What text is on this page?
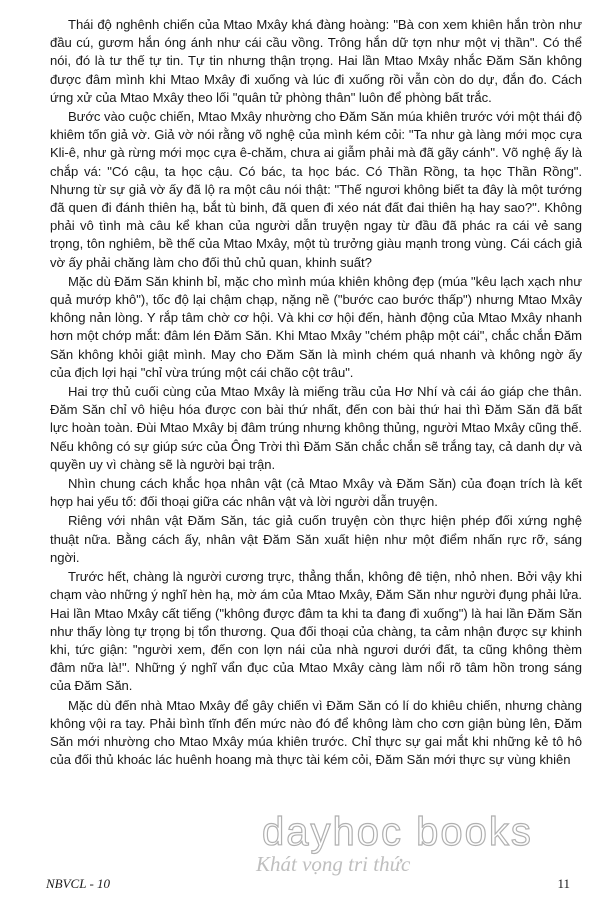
Thái độ nghênh chiến của Mtao Mxây khá đàng hoàng: "Bà con xem khiên hắn tròn như đầu cú, gươm hắn óng ánh như cái cầu vồng. Trông hắn dữ tợn như một vị thần". Có thể nói, đó là tư thế tự tin. Tự tin nhưng thận trọng. Hai lần Mtao Mxây nhắc Đăm Săn không được đâm mình khi Mtao Mxây đi xuống và lúc đi xuống rồi vẫn còn do dự, đắn đo. Cách ứng xử của Mtao Mxây theo lối "quân tử phòng thân" luôn để phòng bất trắc.

Bước vào cuộc chiến, Mtao Mxây nhường cho Đăm Săn múa khiên trước với một thái độ khiêm tốn giả vờ. Giả vờ nói rằng võ nghệ của mình kém cỏi: "Ta như gà làng mới mọc cựa Kli-ê, như gà rừng mới mọc cựa ê-chăm, chưa ai giẫm phải mà đã gãy cánh". Võ nghệ ấy là chắp vá: "Có cậu, ta học cậu. Có bác, ta học bác. Có Thần Rồng, ta học Thần Rồng". Nhưng từ sự giả vờ ấy đã lộ ra một câu nói thật: "Thế ngươi không biết ta đây là một tướng đã quen đi đánh thiên hạ, bắt tù binh, đã quen đi xéo nát đất đai thiên hạ hay sao?". Không phải vô tình mà câu kể khan của người dẫn truyện ngay từ đầu đã phác ra cái vẻ sang trọng, tôn nghiêm, bề thế của Mtao Mxây, một tù trưởng giàu mạnh trong vùng. Cái cách giả vờ ấy phải chăng làm cho đối thủ chủ quan, khinh suất?

Mặc dù Đăm Săn khinh bỉ, mặc cho mình múa khiên không đẹp (múa "kêu lạch xạch như quả mướp khô"), tốc độ lại chậm chạp, nặng nề ("bước cao bước thấp") nhưng Mtao Mxây không nản lòng. Y rắp tâm chờ cơ hội. Và khi cơ hội đến, hành động của Mtao Mxây nhanh hơn một chớp mắt: đâm lén Đăm Săn. Khi Mtao Mxây "chém phập một cái", chắc chắn Đăm Săn không khỏi giật mình. May cho Đăm Săn là mình chém quá nhanh và không ngờ ấy của địch lợi hại "chỉ vừa trúng một cái chão cột trâu".

Hai trợ thủ cuối cùng của Mtao Mxây là miếng trầu của Hơ Nhí và cái áo giáp che thân. Đăm Săn chỉ vô hiệu hóa được con bài thứ nhất, đến con bài thứ hai thì Đăm Săn đã bất lực hoàn toàn. Đùi Mtao Mxây bị đâm trúng nhưng không thủng, người Mtao Mxây cũng thế. Nếu không có sự giúp sức của Ông Trời thì Đăm Săn chắc chắn sẽ trắng tay, cả danh dự và quyền uy vì chàng sẽ là người bại trận.

Nhìn chung cách khắc họa nhân vật (cả Mtao Mxây và Đăm Săn) của đoạn trích là kết hợp hai yếu tố: đối thoại giữa các nhân vật và lời người dẫn truyện.

Riêng với nhân vật Đăm Săn, tác giả cuốn truyện còn thực hiện phép đối xứng nghệ thuật nữa. Bằng cách ấy, nhân vật Đăm Săn xuất hiện như một điểm nhấn rực rỡ, sáng ngời.

Trước hết, chàng là người cương trực, thẳng thắn, không đê tiện, nhỏ nhen. Bởi vậy khi chạm vào những ý nghĩ hèn hạ, mờ ám của Mtao Mxây, Đăm Săn như người đụng phải lửa. Hai lần Mtao Mxây cất tiếng ("không được đâm ta khi ta đang đi xuống") là hai lần Đăm Săn như thấy lòng tự trọng bị tổn thương. Qua đối thoại của chàng, ta cảm nhận được sự khinh khi, tức giận: "người xem, đến con lợn nái của nhà ngươi dưới đất, ta cũng không thèm đâm nữa là!". Những ý nghĩ vẩn đục của Mtao Mxây càng làm nổi rõ tâm hồn trong sáng của Đăm Săn.

Mặc dù đến nhà Mtao Mxây để gây chiến vì Đăm Săn có lí do khiêu chiến, nhưng chàng không vội ra tay. Phải bình tĩnh đến mức nào đó để không làm cho cơn giận bùng lên, Đăm Săn mới nhường cho Mtao Mxây múa khiên trước. Chỉ thực sự gai mắt khi những kẻ tô hô của đối thủ khoác lác huênh hoang mà thực tài kém cỏi, Đăm Săn mới thực sự vùng khiên

dayhoc books
Khát vọng tri thức
NBVCL - 10	11
